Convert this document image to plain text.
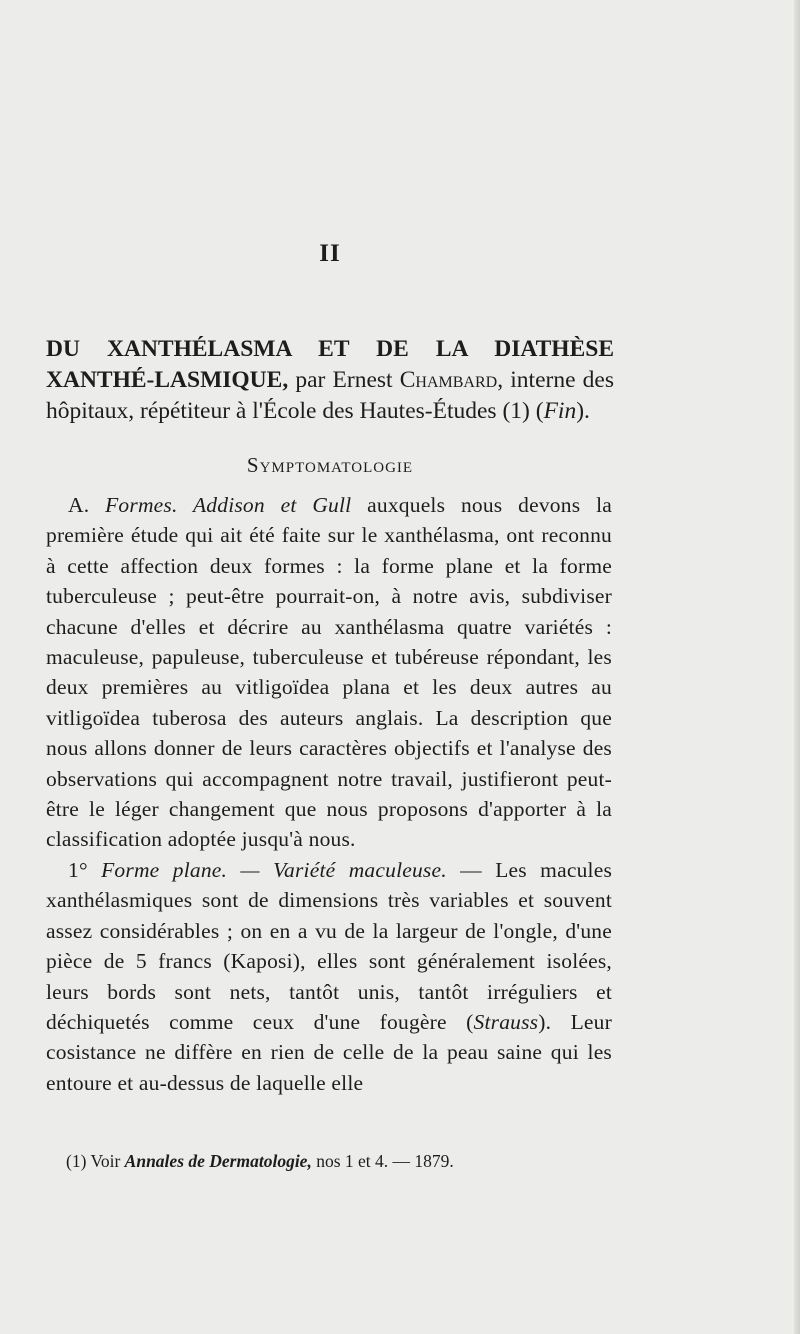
II
DU XANTHÉLASMA ET DE LA DIATHÈSE XANTHÉ-LASMIQUE, par Ernest Chambard, interne des hôpitaux, répétiteur à l'École des Hautes-Études (1) (Fin).
Symptomatologie

A. Formes. Addison et Gull auxquels nous devons la première étude qui ait été faite sur le xanthélasma, ont reconnu à cette affection deux formes : la forme plane et la forme tuberculeuse ; peut-être pourrait-on, à notre avis, subdiviser chacune d'elles et décrire au xanthélasma quatre variétés : maculeuse, papuleuse, tuberculeuse et tubéreuse répondant, les deux premières au vitligoïdea plana et les deux autres au vitligoïdea tuberosa des auteurs anglais. La description que nous allons donner de leurs caractères objectifs et l'analyse des observations qui accompagnent notre travail, justifieront peut-être le léger changement que nous proposons d'apporter à la classification adoptée jusqu'à nous.

1° Forme plane. — Variété maculeuse. — Les macules xanthélasmiques sont de dimensions très variables et souvent assez considérables ; on en a vu de la largeur de l'ongle, d'une pièce de 5 francs (Kaposi), elles sont généralement isolées, leurs bords sont nets, tantôt unis, tantôt irréguliers et déchiquetés comme ceux d'une fougère (Strauss). Leur cosistance ne diffère en rien de celle de la peau saine qui les entoure et au-dessus de laquelle elle

(1) Voir Annales de Dermatologie, nos 1 et 4. — 1879.
